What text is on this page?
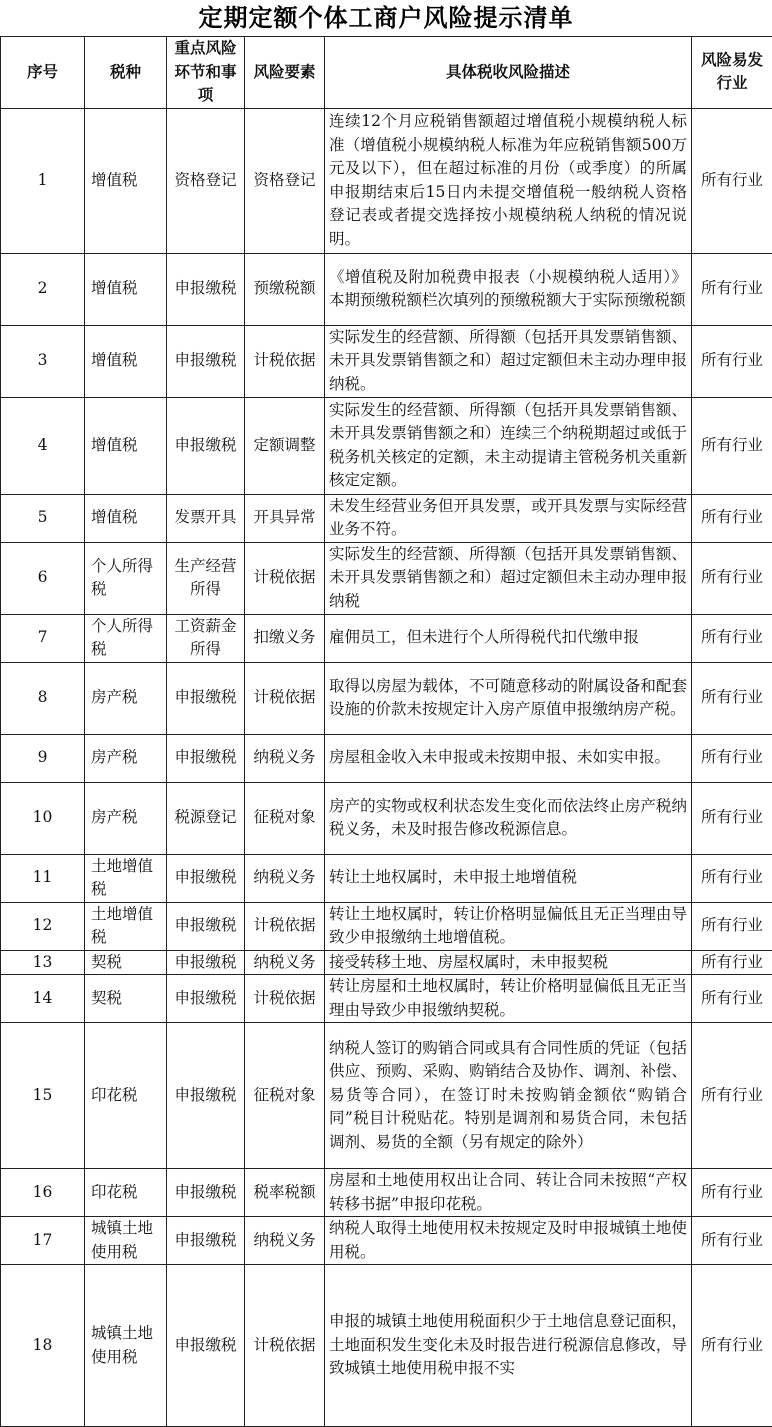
定期定额个体工商户风险提示清单
序号	税种	重点风险环节和事项	风险要素	具体税收风险描述	风险易发行业
1	增值税	资格登记	资格登记	连续12个月应税销售额超过增值税小规模纳税人标准（增值税小规模纳税人标准为年应税销售额500万元及以下），但在超过标准的月份（或季度）的所属申报期结束后15日内未提交增值税一般纳税人资格登记表或者提交选择按小规模纳税人纳税的情况说明。	所有行业
2	增值税	申报缴税	预缴税额	《增值税及附加税费申报表（小规模纳税人适用）》本期预缴税额栏次填列的预缴税额大于实际预缴税额	所有行业
3	增值税	申报缴税	计税依据	实际发生的经营额、所得额（包括开具发票销售额、未开具发票销售额之和）超过定额但未主动办理申报纳税。	所有行业
4	增值税	申报缴税	定额调整	实际发生的经营额、所得额（包括开具发票销售额、未开具发票销售额之和）连续三个纳税期超过或低于税务机关核定的定额，未主动提请主管税务机关重新核定定额。	所有行业
5	增值税	发票开具	开具异常	未发生经营业务但开具发票，或开具发票与实际经营业务不符。	所有行业
6	个人所得税	生产经营所得	计税依据	实际发生的经营额、所得额（包括开具发票销售额、未开具发票销售额之和）超过定额但未主动办理申报纳税	所有行业
7	个人所得税	工资薪金所得	扣缴义务	雇佣员工，但未进行个人所得税代扣代缴申报	所有行业
8	房产税	申报缴税	计税依据	取得以房屋为载体，不可随意移动的附属设备和配套设施的价款未按规定计入房产原值申报缴纳房产税。	所有行业
9	房产税	申报缴税	纳税义务	房屋租金收入未申报或未按期申报、未如实申报。	所有行业
10	房产税	税源登记	征税对象	房产的实物或权利状态发生变化而依法终止房产税纳税义务，未及时报告修改税源信息。	所有行业
11	土地增值税	申报缴税	纳税义务	转让土地权属时，未申报土地增值税	所有行业
12	土地增值税	申报缴税	计税依据	转让土地权属时，转让价格明显偏低且无正当理由导致少申报缴纳土地增值税。	所有行业
13	契税	申报缴税	纳税义务	接受转移土地、房屋权属时，未申报契税	所有行业
14	契税	申报缴税	计税依据	转让房屋和土地权属时，转让价格明显偏低且无正当理由导致少申报缴纳契税。	所有行业
15	印花税	申报缴税	征税对象	纳税人签订的购销合同或具有合同性质的凭证（包括供应、预购、采购、购销结合及协作、调剂、补偿、易货等合同），在签订时未按购销金额依“购销合同”税目计税贴花。特别是调剂和易货合同，未包括调剂、易货的全额（另有规定的除外）	所有行业
16	印花税	申报缴税	税率税额	房屋和土地使用权出让合同、转让合同未按照“产权转移书据”申报印花税。	所有行业
17	城镇土地使用税	申报缴税	纳税义务	纳税人取得土地使用权未按规定及时申报城镇土地使用税。	所有行业
18	城镇土地使用税	申报缴税	计税依据	申报的城镇土地使用税面积少于土地信息登记面积，土地面积发生变化未及时报告进行税源信息修改，导致城镇土地使用税申报不实	所有行业
